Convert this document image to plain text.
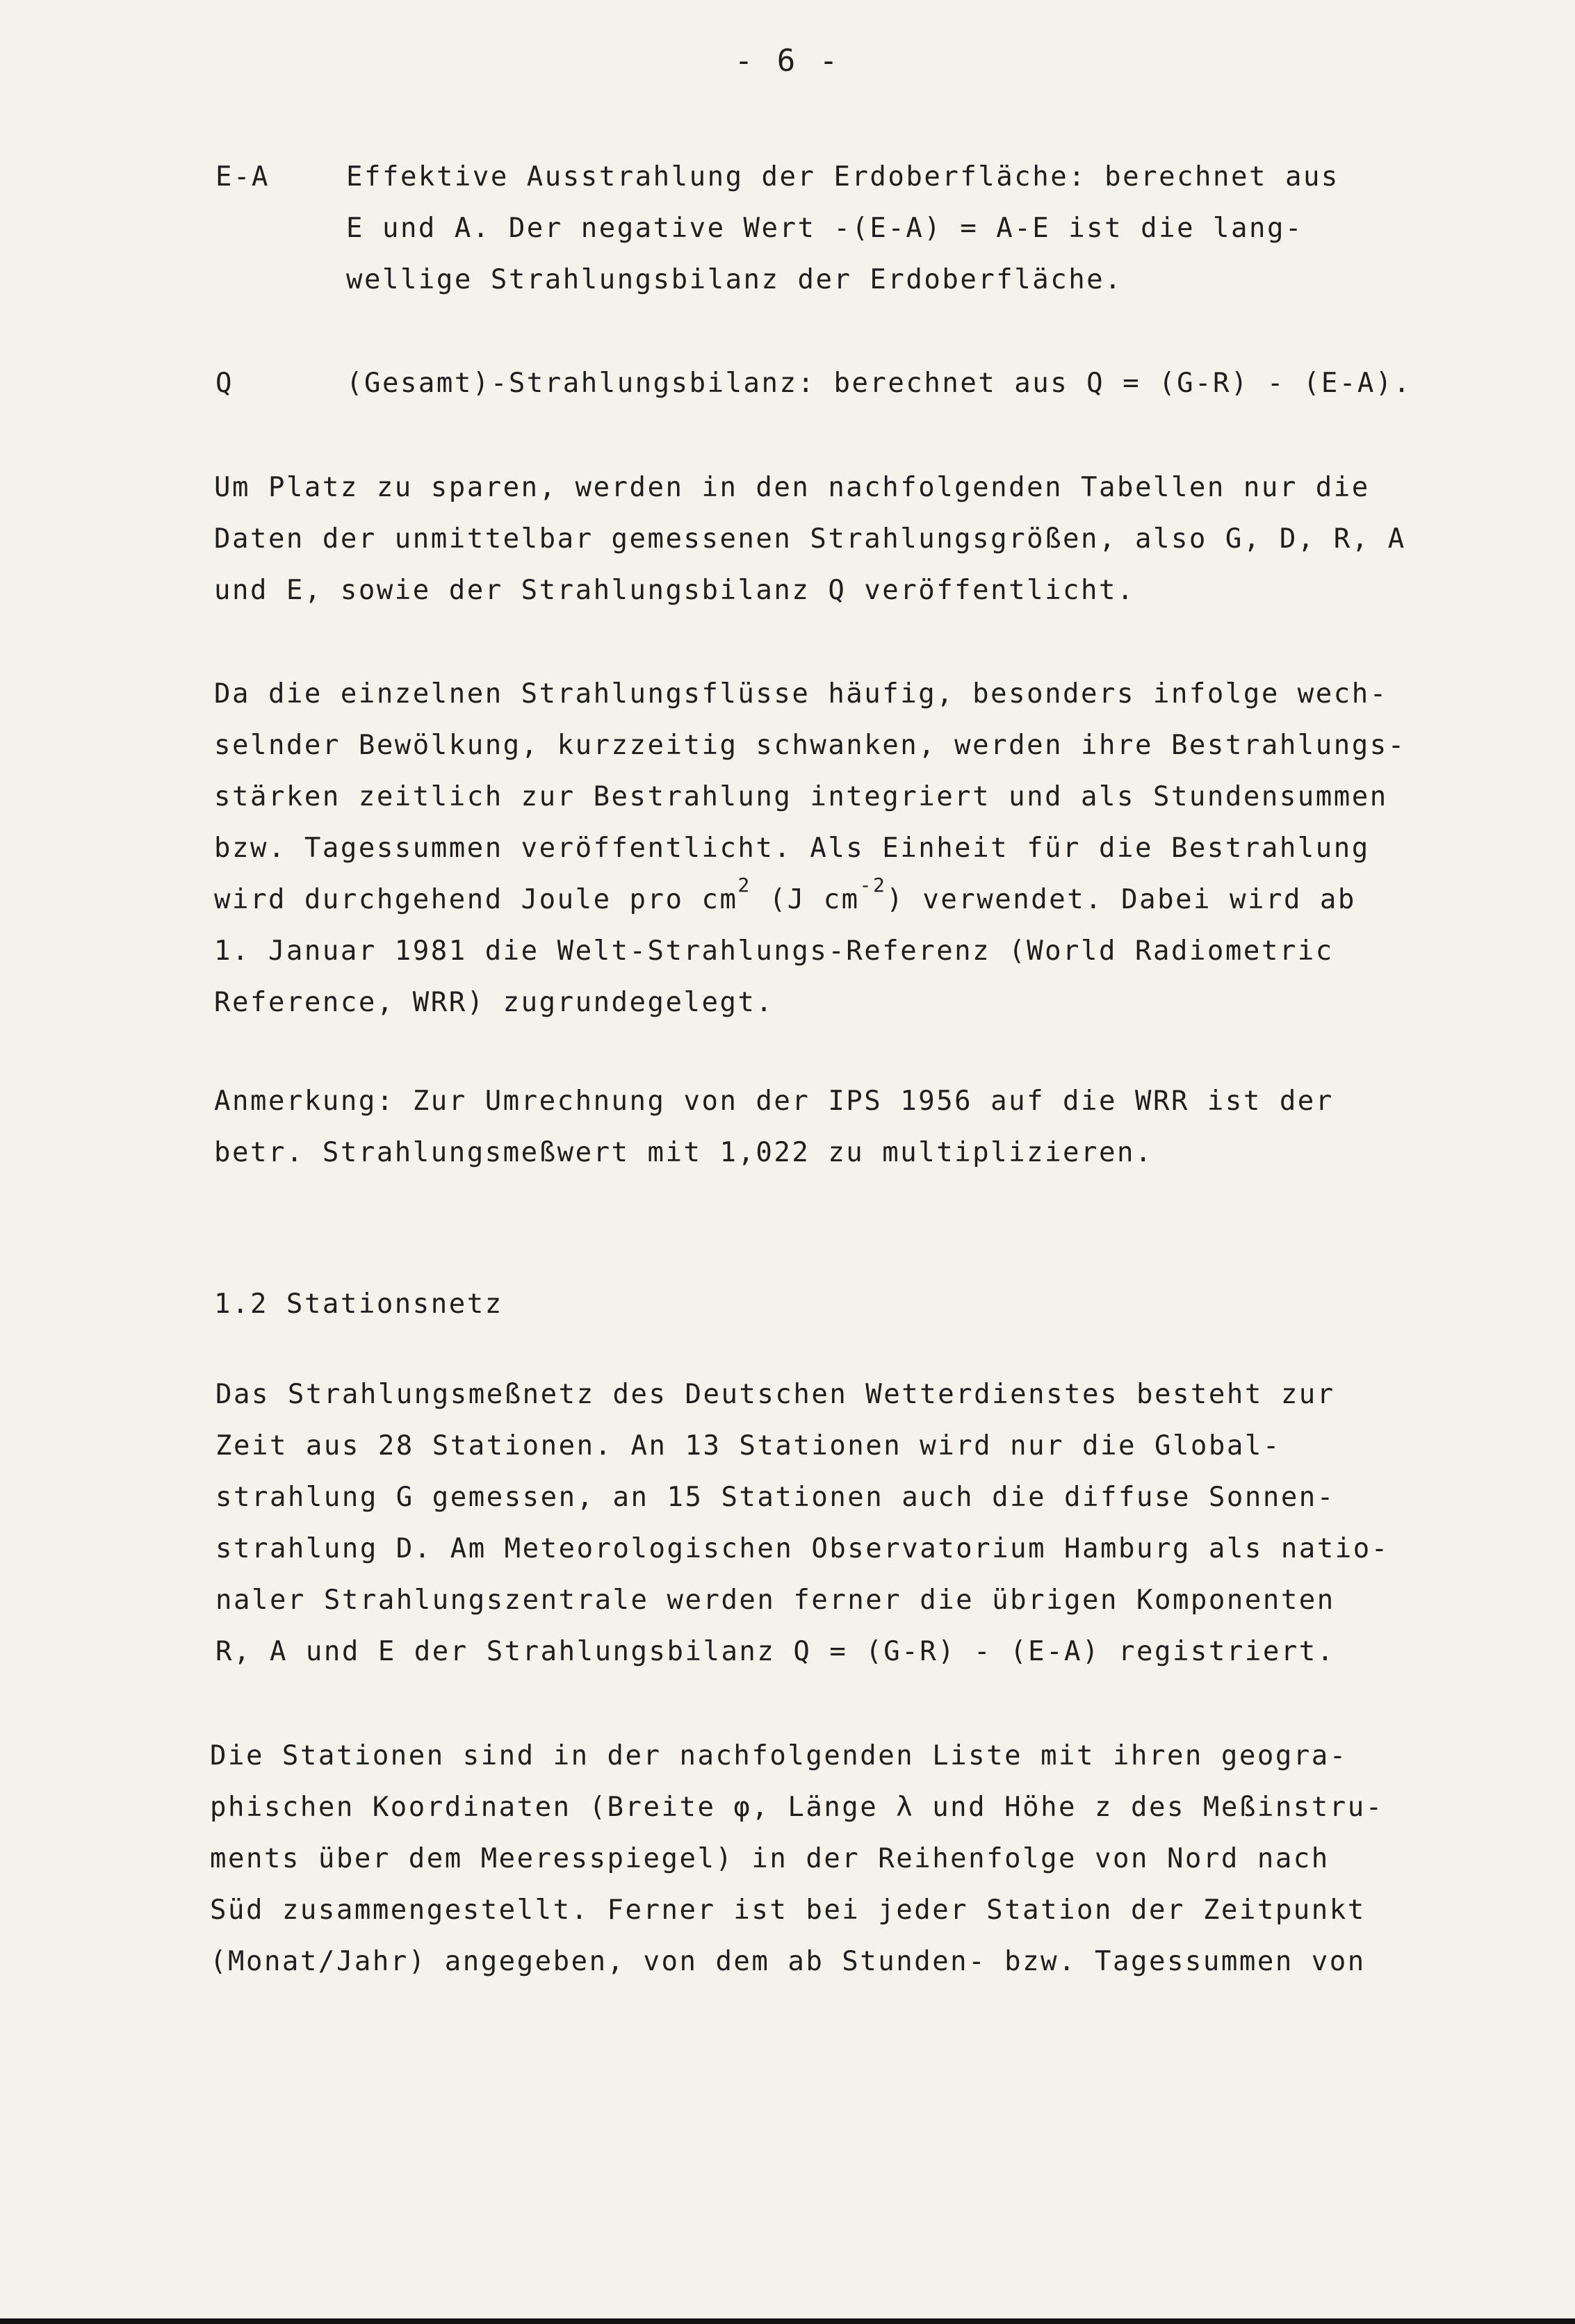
- 6 -
E-A	Effektive Ausstrahlung der Erdoberfläche: berechnet aus
E und A. Der negative Wert -(E-A) = A-E ist die lang-
wellige Strahlungsbilanz der Erdoberfläche.
Q	(Gesamt)-Strahlungsbilanz: berechnet aus Q = (G-R) - (E-A).
Um Platz zu sparen, werden in den nachfolgenden Tabellen nur die
Daten der unmittelbar gemessenen Strahlungsgrößen, also G, D, R, A
und E, sowie der Strahlungsbilanz Q veröffentlicht.
Da die einzelnen Strahlungsflüsse häufig, besonders infolge wech-
selnder Bewölkung, kurzzeitig schwanken, werden ihre Bestrahlungs-
stärken zeitlich zur Bestrahlung integriert und als Stundensummen
bzw. Tagessummen veröffentlicht. Als Einheit für die Bestrahlung
wird durchgehend Joule pro $cm^2$ (J $cm^{-2}$) verwendet. Dabei wird ab
1. Januar 1981 die Welt-Strahlungs-Referenz (World Radiometric
Reference, WRR) zugrundegelegt.
Anmerkung: Zur Umrechnung von der IPS 1956 auf die WRR ist der
betr. Strahlungsmeßwert mit 1,022 zu multiplizieren.
1.2 Stationsnetz
Das Strahlungsmeßnetz des Deutschen Wetterdienstes besteht zur
Zeit aus 28 Stationen. An 13 Stationen wird nur die Global-
strahlung G gemessen, an 15 Stationen auch die diffuse Sonnen-
strahlung D. Am Meteorologischen Observatorium Hamburg als natio-
naler Strahlungszentrale werden ferner die übrigen Komponenten
R, A und E der Strahlungsbilanz Q = (G-R) - (E-A) registriert.
Die Stationen sind in der nachfolgenden Liste mit ihren geogra-
phischen Koordinaten (Breite φ, Länge λ und Höhe z des Meßinstru-
ments über dem Meeresspiegel) in der Reihenfolge von Nord nach
Süd zusammengestellt. Ferner ist bei jeder Station der Zeitpunkt
(Monat/Jahr) angegeben, von dem ab Stunden- bzw. Tagessummen von
